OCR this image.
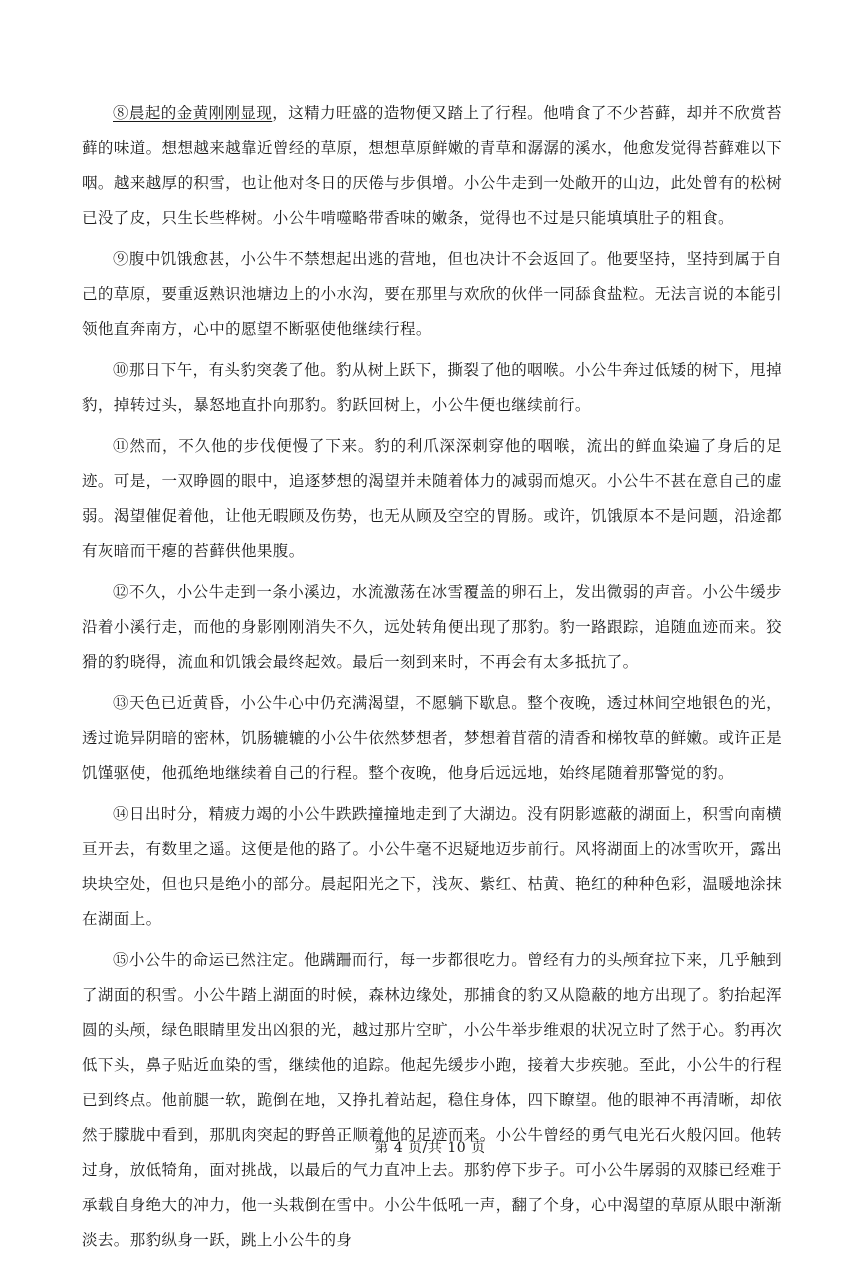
⑧晨起的金黄刚刚显现，这精力旺盛的造物便又踏上了行程。他啃食了不少苔藓，却并不欣赏苔藓的味道。想想越来越靠近曾经的草原，想想草原鲜嫩的青草和潺潺的溪水，他愈发觉得苔藓难以下咽。越来越厚的积雪，也让他对冬日的厌倦与步俱增。小公牛走到一处敞开的山边，此处曾有的松树已没了皮，只生长些桦树。小公牛啃噬略带香味的嫩条，觉得也不过是只能填填肚子的粗食。

⑨腹中饥饿愈甚，小公牛不禁想起出逃的营地，但也决计不会返回了。他要坚持，坚持到属于自己的草原，要重返熟识池塘边上的小水沟，要在那里与欢欣的伙伴一同舔食盐粒。无法言说的本能引领他直奔南方，心中的愿望不断驱使他继续行程。

⑩那日下午，有头豹突袭了他。豹从树上跃下，撕裂了他的咽喉。小公牛奔过低矮的树下，甩掉豹，掉转过头，暴怒地直扑向那豹。豹跃回树上，小公牛便也继续前行。

⑪然而，不久他的步伐便慢了下来。豹的利爪深深刺穿他的咽喉，流出的鲜血染遍了身后的足迹。可是，一双睁圆的眼中，追逐梦想的渴望并未随着体力的减弱而熄灭。小公牛不甚在意自己的虚弱。渴望催促着他，让他无暇顾及伤势，也无从顾及空空的胃肠。或许，饥饿原本不是问题，沿途都有灰暗而干瘪的苔藓供他果腹。

⑫不久，小公牛走到一条小溪边，水流激荡在冰雪覆盖的卵石上，发出微弱的声音。小公牛缓步沿着小溪行走，而他的身影刚刚消失不久，远处转角便出现了那豹。豹一路跟踪，追随血迹而来。狡猾的豹晓得，流血和饥饿会最终起效。最后一刻到来时，不再会有太多抵抗了。

⑬天色已近黄昏，小公牛心中仍充满渴望，不愿躺下歇息。整个夜晚，透过林间空地银色的光，透过诡异阴暗的密林，饥肠辘辘的小公牛依然梦想者，梦想着苜蓿的清香和梯牧草的鲜嫩。或许正是饥馑驱使，他孤绝地继续着自己的行程。整个夜晚，他身后远远地，始终尾随着那警觉的豹。

⑭日出时分，精疲力竭的小公牛跌跌撞撞地走到了大湖边。没有阴影遮蔽的湖面上，积雪向南横亘开去，有数里之遥。这便是他的路了。小公牛毫不迟疑地迈步前行。风将湖面上的冰雪吹开，露出块块空处，但也只是绝小的部分。晨起阳光之下，浅灰、紫红、枯黄、艳红的种种色彩，温暖地涂抹在湖面上。

⑮小公牛的命运已然注定。他蹒跚而行，每一步都很吃力。曾经有力的头颅耷拉下来，几乎触到了湖面的积雪。小公牛踏上湖面的时候，森林边缘处，那捕食的豹又从隐蔽的地方出现了。豹抬起浑圆的头颅，绿色眼睛里发出凶狠的光，越过那片空旷，小公牛举步维艰的状况立时了然于心。豹再次低下头，鼻子贴近血染的雪，继续他的追踪。他起先缓步小跑，接着大步疾驰。至此，小公牛的行程已到终点。他前腿一软，跪倒在地，又挣扎着站起，稳住身体，四下瞭望。他的眼神不再清晰，却依然于朦胧中看到，那肌肉突起的野兽正顺着他的足迹而来。小公牛曾经的勇气电光石火般闪回。他转过身，放低犄角，面对挑战，以最后的气力直冲上去。那豹停下步子。可小公牛孱弱的双膝已经难于承载自身绝大的冲力，他一头栽倒在雪中。小公牛低吼一声，翻了个身，心中渴望的草原从眼中渐渐淡去。那豹纵身一跃，跳上小公牛的身

第 4 页/共 10 页
